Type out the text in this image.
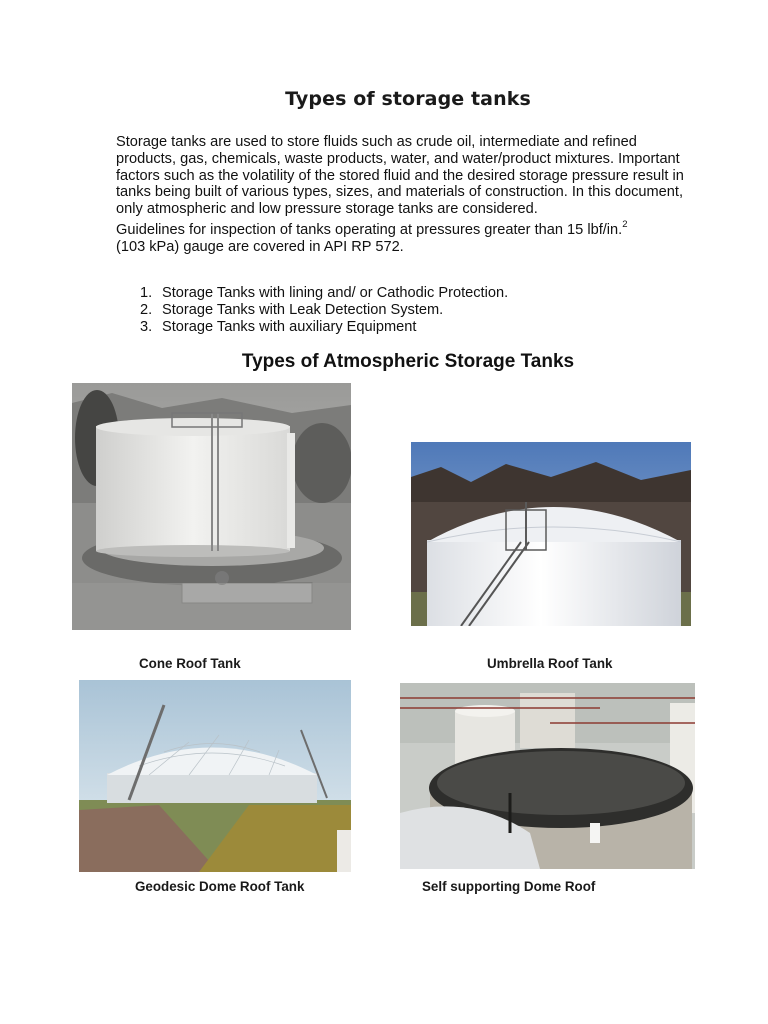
Types of storage tanks

Storage tanks are used to store fluids such as crude oil, intermediate and refined products, gas, chemicals, waste products, water, and water/product mixtures. Important factors such as the volatility of the stored fluid and the desired storage pressure result in tanks being built of various types, sizes, and materials of construction. In this document, only atmospheric and low pressure storage tanks are considered.

Guidelines for inspection of tanks operating at pressures greater than 15 lbf/in.$^2$
(103 kPa) gauge are covered in API RP 572.

1. Storage Tanks with lining and/ or Cathodic Protection.
2. Storage Tanks with Leak Detection System.
3. Storage Tanks with auxiliary Equipment
Types of Atmospheric Storage Tanks
Cone Roof Tank	Umbrella Roof Tank
Geodesic Dome Roof Tank	Self supporting Dome Roof
